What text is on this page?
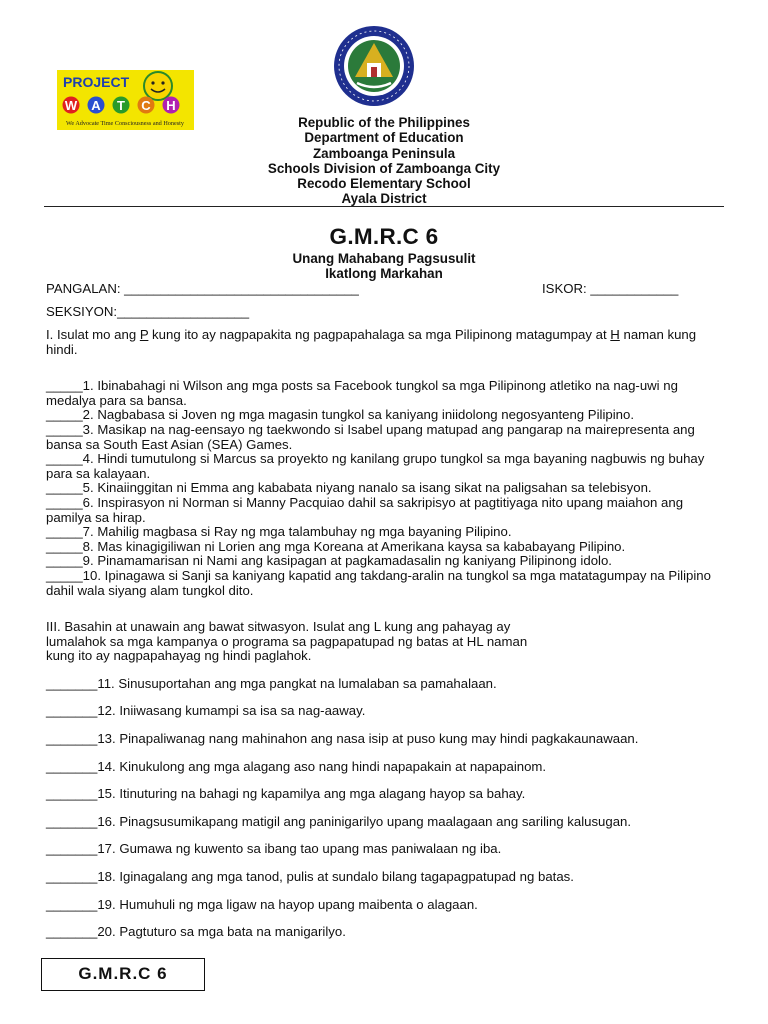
PROJECT
W A T C H
We Advocate Time Consciousness and Honesty	Republic of the Philippines
Department of Education
Zamboanga Peninsula
Schools Division of Zamboanga City
Recodo Elementary School
Ayala District
G.M.R.C 6
Unang Mahabang Pagsusulit
Ikatlong Markahan
PANGALAN: ________________________________	ISKOR: ____________
SEKSIYON:__________________

I. Isulat mo ang P kung ito ay nagpapakita ng pagpapahalaga sa mga Pilipinong matagumpay at H naman kung hindi.

_____1. Ibinabahagi ni Wilson ang mga posts sa Facebook tungkol sa mga Pilipinong atletiko na nag-uwi ng medalya para sa bansa.

_____2. Nagbabasa si Joven ng mga magasin tungkol sa kaniyang iniidolong negosyanteng Pilipino.

_____3. Masikap na nag-eensayo ng taekwondo si Isabel upang matupad ang pangarap na mairepresenta ang bansa sa South East Asian (SEA) Games.

_____4. Hindi tumutulong si Marcus sa proyekto ng kanilang grupo tungkol sa mga bayaning nagbuwis ng buhay para sa kalayaan.

_____5. Kinaiinggitan ni Emma ang kababata niyang nanalo sa isang sikat na paligsahan sa telebisyon.

_____6. Inspirasyon ni Norman si Manny Pacquiao dahil sa sakripisyo at pagtitiyaga nito upang maiahon ang pamilya sa hirap.

_____7. Mahilig magbasa si Ray ng mga talambuhay ng mga bayaning Pilipino.

_____8. Mas kinagigiliwan ni Lorien ang mga Koreana at Amerikana kaysa sa kababayang Pilipino.

_____9. Pinamamarisan ni Nami ang kasipagan at pagkamadasalin ng kaniyang Pilipinong idolo.

_____10. Ipinagawa si Sanji sa kaniyang kapatid ang takdang-aralin na tungkol sa mga matatagumpay na Pilipino dahil wala siyang alam tungkol dito.

III. Basahin at unawain ang bawat sitwasyon. Isulat ang L kung ang pahayag ay
lumalahok sa mga kampanya o programa sa pagpapatupad ng batas at HL naman
kung ito ay nagpapahayag ng hindi paglahok.

_______11. Sinusuportahan ang mga pangkat na lumalaban sa pamahalaan.

_______12. Iniiwasang kumampi sa isa sa nag-aaway.

_______13. Pinapaliwanag nang mahinahon ang nasa isip at puso kung may hindi pagkakaunawaan.

_______14. Kinukulong ang mga alagang aso nang hindi napapakain at napapainom.

_______15. Itinuturing na bahagi ng kapamilya ang mga alagang hayop sa bahay.

_______16. Pinagsusumikapang matigil ang paninigarilyo upang maalagaan ang sariling kalusugan.

_______17. Gumawa ng kuwento sa ibang tao upang mas paniwalaan ng iba.

_______18. Iginagalang ang mga tanod, pulis at sundalo bilang tagapagpatupad ng batas.

_______19. Humuhuli ng mga ligaw na hayop upang maibenta o alagaan.

_______20. Pagtuturo sa mga bata na manigarilyo.

G.M.R.C 6
